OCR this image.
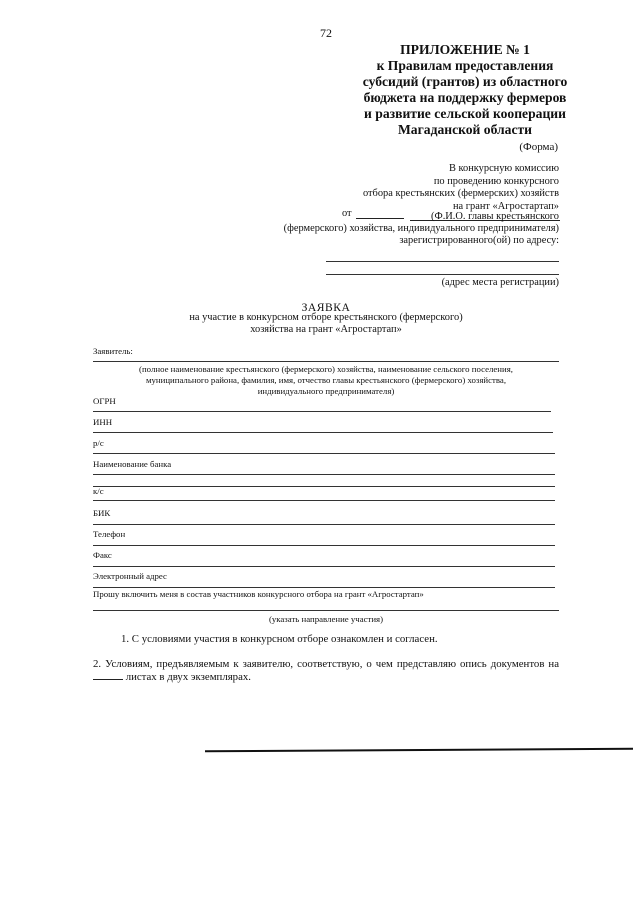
72
ПРИЛОЖЕНИЕ № 1
к Правилам предоставления
субсидий (грантов) из областного
бюджета на поддержку фермеров
и развитие сельской кооперации
Магаданской области
(Форма)
В конкурсную комиссию
по проведению конкурсного
отбора крестьянских (фермерских) хозяйств
на грант «Агростартап»
от	(Ф.И.О. главы крестьянского
(фермерского) хозяйства, индивидуального предпринимателя)
зарегистрированного(ой) по адресу:
(адрес места регистрации)
ЗАЯВКА
на участие в конкурсном отборе крестьянского (фермерского)
хозяйства на грант «Агростартап»
Заявитель:
(полное наименование крестьянского (фермерского) хозяйства, наименование сельского поселения,
муниципального района, фамилия, имя, отчество главы крестьянского (фермерского) хозяйства,
индивидуального предпринимателя)
ОГРН
ИНН
р/с
Наименование банка
к/с
БИК
Телефон
Факс
Электронный адрес
Прошу включить меня в состав участников конкурсного отбора на грант «Агростартап»
(указать направление участия)
1. С условиями участия в конкурсном отборе ознакомлен и согласен.
2. Условиям, предъявляемым к заявителю, соответствую, о чем представляю опись документов на  листах в двух экземплярах.
